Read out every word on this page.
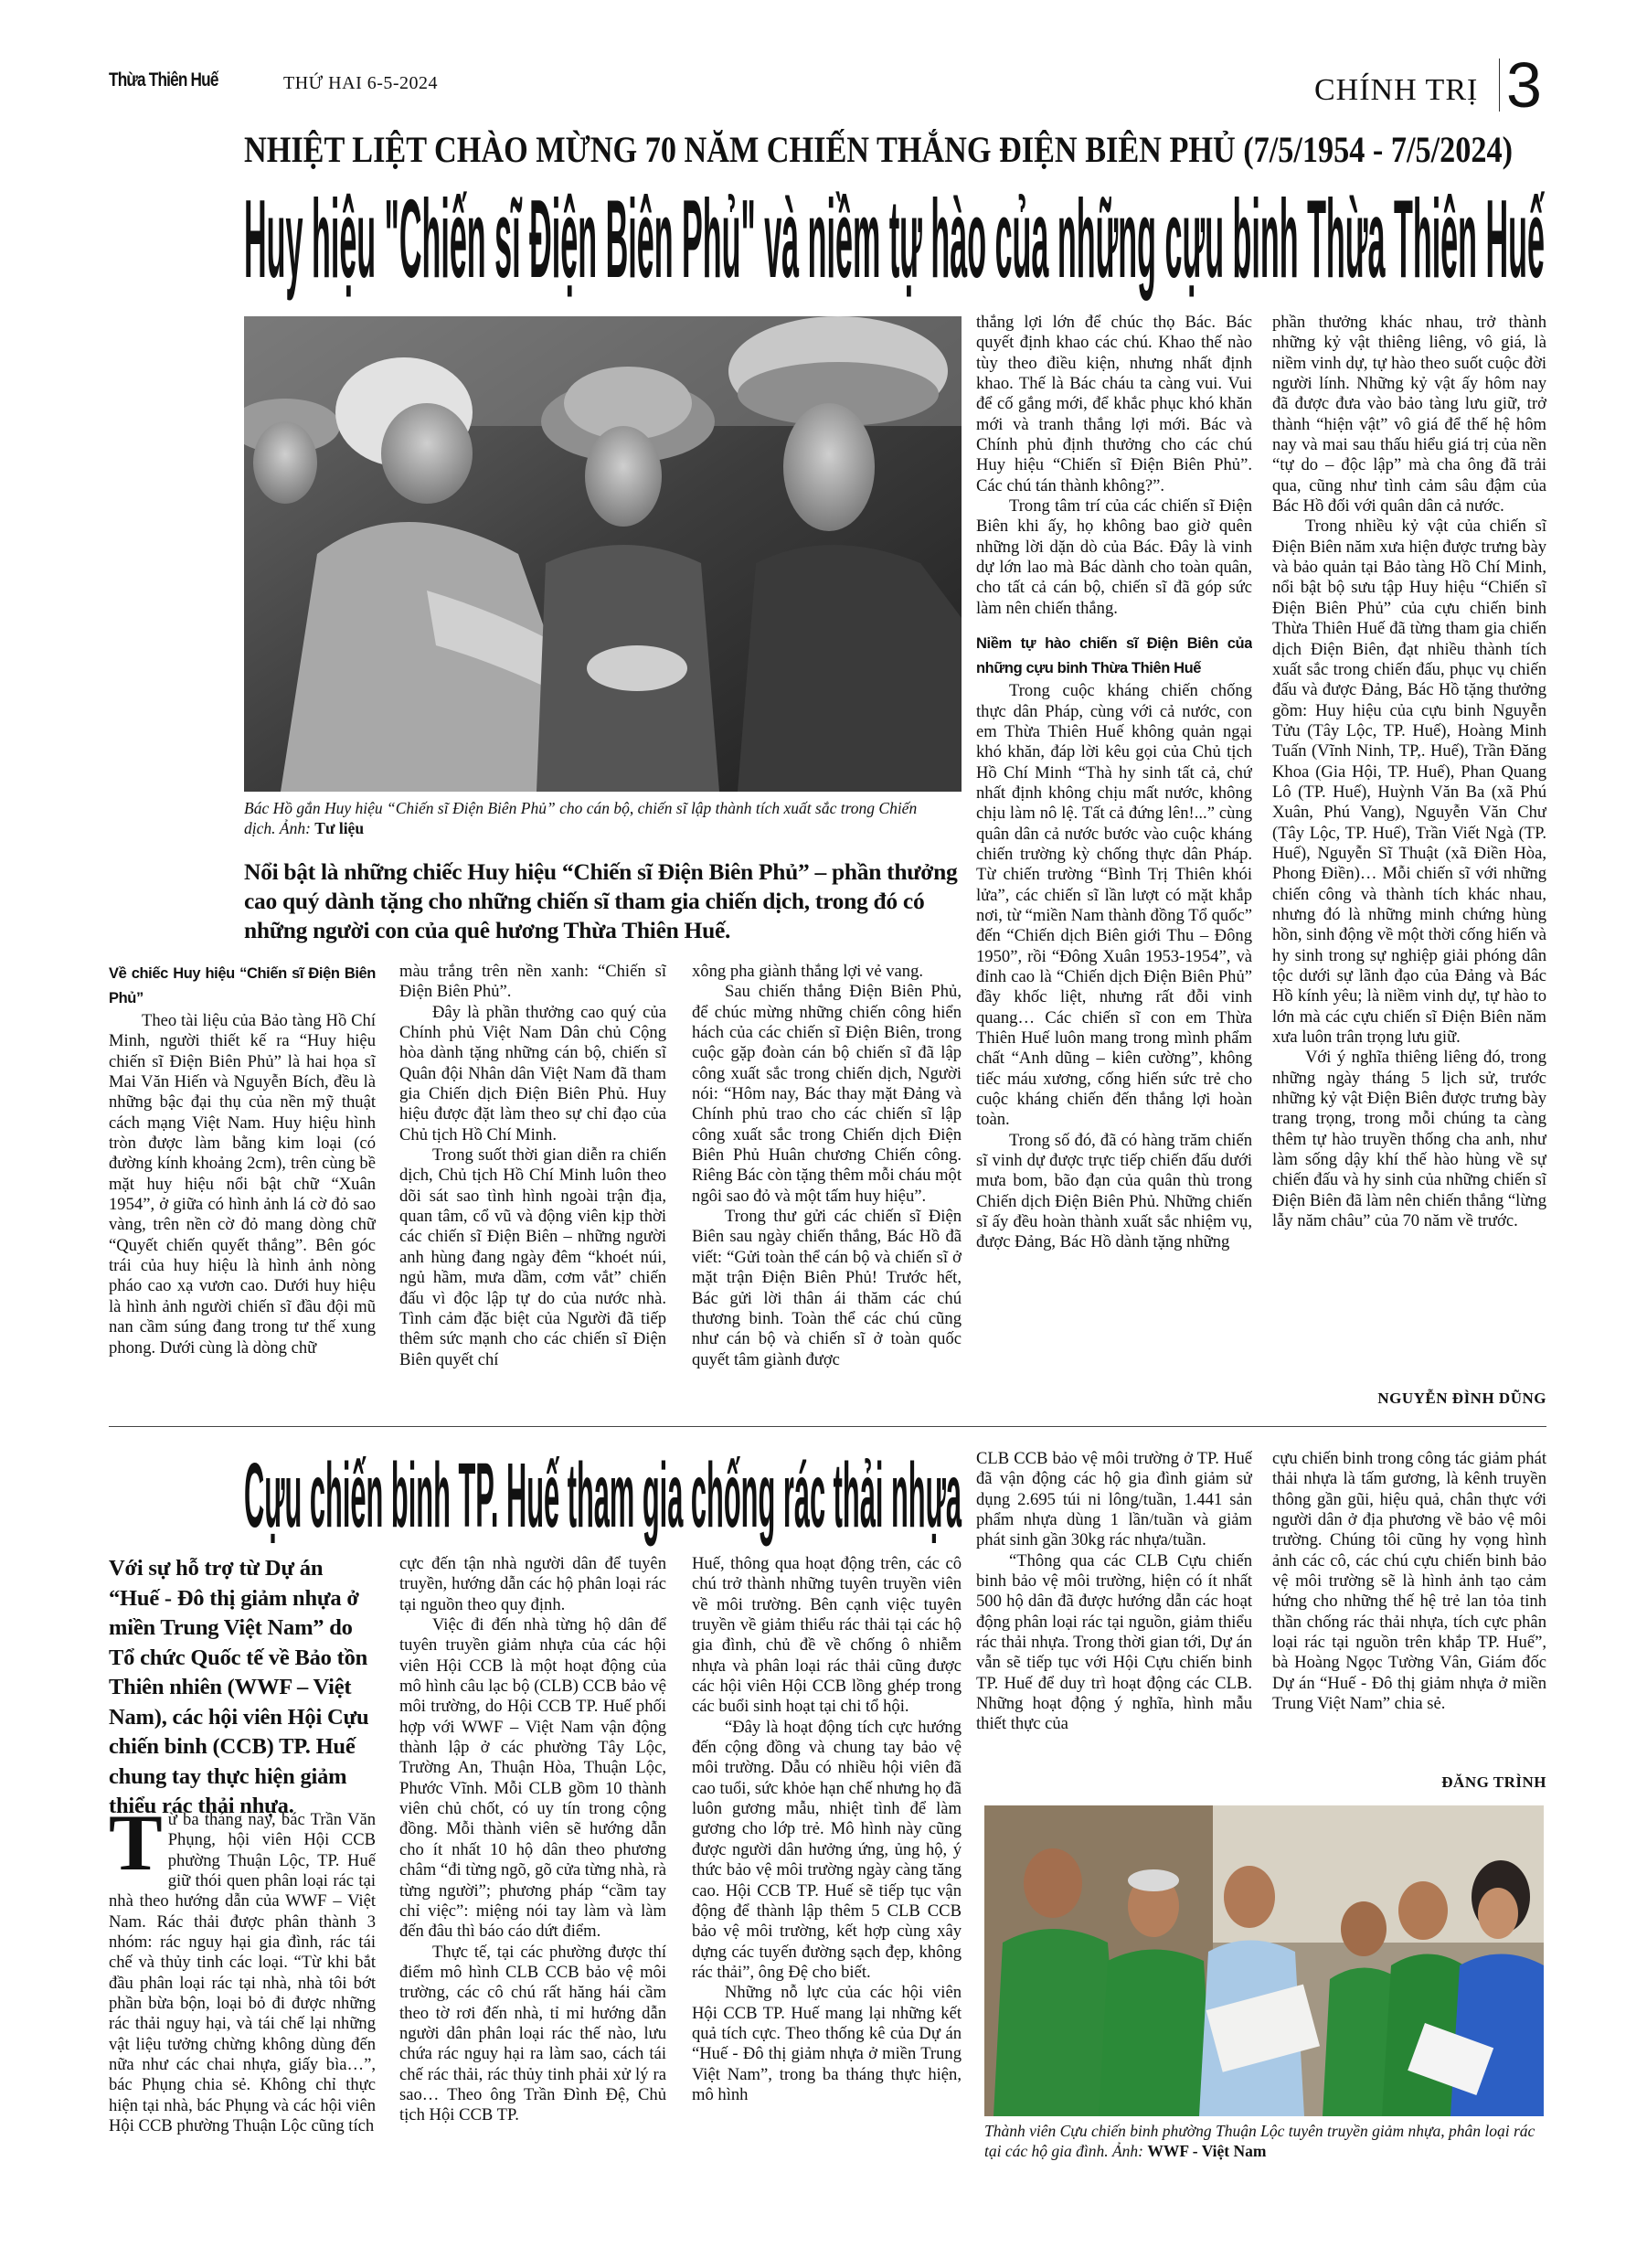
Thừa Thiên Huế	THỨ HAI 6-5-2024	CHÍNH TRỊ 3
NHIỆT LIỆT CHÀO MỪNG 70 NĂM CHIẾN THẮNG ĐIỆN BIÊN PHỦ (7/5/1954 - 7/5/2024)
Huy hiệu "Chiến sĩ Điện Biên Phủ" và niềm tự hào của những cựu binh Thừa Thiên Huế
Bác Hồ gắn Huy hiệu “Chiến sĩ Điện Biên Phủ” cho cán bộ, chiến sĩ lập thành tích xuất sắc trong Chiến dịch. Ảnh: Tư liệu
Nổi bật là những chiếc Huy hiệu “Chiến sĩ Điện Biên Phủ” – phần thưởng cao quý dành tặng cho những chiến sĩ tham gia chiến dịch, trong đó có những người con của quê hương Thừa Thiên Huế.
Về chiếc Huy hiệu “Chiến sĩ Điện Biên Phủ”

Theo tài liệu của Bảo tàng Hồ Chí Minh, người thiết kế ra “Huy hiệu chiến sĩ Điện Biên Phủ” là hai họa sĩ Mai Văn Hiến và Nguyễn Bích, đều là những bậc đại thụ của nền mỹ thuật cách mạng Việt Nam. Huy hiệu hình tròn được làm bằng kim loại (có đường kính khoảng 2cm), trên cùng bề mặt huy hiệu nổi bật chữ “Xuân 1954”, ở giữa có hình ảnh lá cờ đỏ sao vàng, trên nền cờ đỏ mang dòng chữ “Quyết chiến quyết thắng”. Bên góc trái của huy hiệu là hình ảnh nòng pháo cao xạ vươn cao. Dưới huy hiệu là hình ảnh người chiến sĩ đầu đội mũ nan cầm súng đang trong tư thế xung phong. Dưới cùng là dòng chữ

màu trắng trên nền xanh: “Chiến sĩ Điện Biên Phủ”.

Đây là phần thưởng cao quý của Chính phủ Việt Nam Dân chủ Cộng hòa dành tặng những cán bộ, chiến sĩ Quân đội Nhân dân Việt Nam đã tham gia Chiến dịch Điện Biên Phủ. Huy hiệu được đặt làm theo sự chỉ đạo của Chủ tịch Hồ Chí Minh.

Trong suốt thời gian diễn ra chiến dịch, Chủ tịch Hồ Chí Minh luôn theo dõi sát sao tình hình ngoài trận địa, quan tâm, cổ vũ và động viên kịp thời các chiến sĩ Điện Biên – những người anh hùng đang ngày đêm “khoét núi, ngủ hầm, mưa dầm, cơm vắt” chiến đấu vì độc lập tự do của nước nhà. Tình cảm đặc biệt của Người đã tiếp thêm sức mạnh cho các chiến sĩ Điện Biên quyết chí

xông pha giành thắng lợi vẻ vang.

Sau chiến thắng Điện Biên Phủ, để chúc mừng những chiến công hiển hách của các chiến sĩ Điện Biên, trong cuộc gặp đoàn cán bộ chiến sĩ đã lập công xuất sắc trong chiến dịch, Người nói: “Hôm nay, Bác thay mặt Đảng và Chính phủ trao cho các chiến sĩ lập công xuất sắc trong Chiến dịch Điện Biên Phủ Huân chương Chiến công. Riêng Bác còn tặng thêm mỗi cháu một ngôi sao đỏ và một tấm huy hiệu”.

Trong thư gửi các chiến sĩ Điện Biên sau ngày chiến thắng, Bác Hồ đã viết: “Gửi toàn thể cán bộ và chiến sĩ ở mặt trận Điện Biên Phủ! Trước hết, Bác gửi lời thân ái thăm các chú thương binh. Toàn thể các chú cũng như cán bộ và chiến sĩ ở toàn quốc quyết tâm giành được

thắng lợi lớn để chúc thọ Bác. Bác quyết định khao các chú. Khao thế nào tùy theo điều kiện, nhưng nhất định khao. Thế là Bác cháu ta càng vui. Vui để cố gắng mới, để khắc phục khó khăn mới và tranh thắng lợi mới. Bác và Chính phủ định thưởng cho các chú Huy hiệu “Chiến sĩ Điện Biên Phủ”. Các chú tán thành không?”.

Trong tâm trí của các chiến sĩ Điện Biên khi ấy, họ không bao giờ quên những lời dặn dò của Bác. Đây là vinh dự lớn lao mà Bác dành cho toàn quân, cho tất cả cán bộ, chiến sĩ đã góp sức làm nên chiến thắng.

Niềm tự hào chiến sĩ Điện Biên của những cựu binh Thừa Thiên Huế

Trong cuộc kháng chiến chống thực dân Pháp, cùng với cả nước, con em Thừa Thiên Huế không quản ngại khó khăn, đáp lời kêu gọi của Chủ tịch Hồ Chí Minh “Thà hy sinh tất cả, chứ nhất định không chịu mất nước, không chịu làm nô lệ. Tất cả đứng lên!...” cùng quân dân cả nước bước vào cuộc kháng chiến trường kỳ chống thực dân Pháp. Từ chiến trường “Bình Trị Thiên khói lửa”, các chiến sĩ lần lượt có mặt khắp nơi, từ “miền Nam thành đồng Tổ quốc” đến “Chiến dịch Biên giới Thu – Đông 1950”, rồi “Đông Xuân 1953-1954”, và đỉnh cao là “Chiến dịch Điện Biên Phủ” đầy khốc liệt, nhưng rất đỗi vinh quang… Các chiến sĩ con em Thừa Thiên Huế luôn mang trong mình phẩm chất “Anh dũng – kiên cường”, không tiếc máu xương, cống hiến sức trẻ cho cuộc kháng chiến đến thắng lợi hoàn toàn.

Trong số đó, đã có hàng trăm chiến sĩ vinh dự được trực tiếp chiến đấu dưới mưa bom, bão đạn của quân thù trong Chiến dịch Điện Biên Phủ. Những chiến sĩ ấy đều hoàn thành xuất sắc nhiệm vụ, được Đảng, Bác Hồ dành tặng những

phần thưởng khác nhau, trở thành những kỷ vật thiêng liêng, vô giá, là niềm vinh dự, tự hào theo suốt cuộc đời người lính. Những kỷ vật ấy hôm nay đã được đưa vào bảo tàng lưu giữ, trở thành “hiện vật” vô giá để thế hệ hôm nay và mai sau thấu hiểu giá trị của nền “tự do – độc lập” mà cha ông đã trải qua, cũng như tình cảm sâu đậm của Bác Hồ đối với quân dân cả nước.

Trong nhiều kỷ vật của chiến sĩ Điện Biên năm xưa hiện được trưng bày và bảo quản tại Bảo tàng Hồ Chí Minh, nổi bật bộ sưu tập Huy hiệu “Chiến sĩ Điện Biên Phủ” của cựu chiến binh Thừa Thiên Huế đã từng tham gia chiến dịch Điện Biên, đạt nhiều thành tích xuất sắc trong chiến đấu, phục vụ chiến đấu và được Đảng, Bác Hồ tặng thưởng gồm: Huy hiệu của cựu binh Nguyễn Tửu (Tây Lộc, TP. Huế), Hoàng Minh Tuấn (Vĩnh Ninh, TP,. Huế), Trần Đăng Khoa (Gia Hội, TP. Huế), Phan Quang Lô (TP. Huế), Huỳnh Văn Ba (xã Phú Xuân, Phú Vang), Nguyễn Văn Chư (Tây Lộc, TP. Huế), Trần Viết Ngà (TP. Huế), Nguyễn Sĩ Thuật (xã Điền Hòa, Phong Điền)… Mỗi chiến sĩ với những chiến công và thành tích khác nhau, nhưng đó là những minh chứng hùng hồn, sinh động về một thời cống hiến và hy sinh trong sự nghiệp giải phóng dân tộc dưới sự lãnh đạo của Đảng và Bác Hồ kính yêu; là niềm vinh dự, tự hào to lớn mà các cựu chiến sĩ Điện Biên năm xưa luôn trân trọng lưu giữ.

Với ý nghĩa thiêng liêng đó, trong những ngày tháng 5 lịch sử, trước những kỷ vật Điện Biên được trưng bày trang trọng, trong mỗi chúng ta càng thêm tự hào truyền thống cha anh, như làm sống dậy khí thế hào hùng về sự chiến đấu và hy sinh của những chiến sĩ Điện Biên đã làm nên chiến thắng “lừng lẫy năm châu” của 70 năm về trước.

NGUYỄN ĐÌNH DŨNG
Cựu chiến binh TP. Huế tham gia chống rác thải nhựa
Với sự hỗ trợ từ Dự án “Huế - Đô thị giảm nhựa ở miền Trung Việt Nam” do Tổ chức Quốc tế về Bảo tồn Thiên nhiên (WWF – Việt Nam), các hội viên Hội Cựu chiến binh (CCB) TP. Huế chung tay thực hiện giảm thiểu rác thải nhựa.
T ừ ba tháng nay, bác Trần Văn Phụng, hội viên Hội CCB phường Thuận Lộc, TP. Huế giữ thói quen phân loại rác tại nhà theo hướng dẫn của WWF – Việt Nam. Rác thải được phân thành 3 nhóm: rác nguy hại gia đình, rác tái chế và thủy tinh các loại. “Từ khi bắt đầu phân loại rác tại nhà, nhà tôi bớt phần bừa bộn, loại bỏ đi được những rác thải nguy hại, và tái chế lại những vật liệu tưởng chừng không dùng đến nữa như các chai nhựa, giấy bìa…”, bác Phụng chia sẻ. Không chỉ thực hiện tại nhà, bác Phụng và các hội viên Hội CCB phường Thuận Lộc cũng tích

cực đến tận nhà người dân để tuyên truyền, hướng dẫn các hộ phân loại rác tại nguồn theo quy định.

Việc đi đến nhà từng hộ dân để tuyên truyền giảm nhựa của các hội viên Hội CCB là một hoạt động của mô hình câu lạc bộ (CLB) CCB bảo vệ môi trường, do Hội CCB TP. Huế phối hợp với WWF – Việt Nam vận động thành lập ở các phường Tây Lộc, Trường An, Thuận Hòa, Thuận Lộc, Phước Vĩnh. Mỗi CLB gồm 10 thành viên chủ chốt, có uy tín trong cộng đồng. Mỗi thành viên sẽ hướng dẫn cho ít nhất 10 hộ dân theo phương châm “đi từng ngõ, gõ cửa từng nhà, rà từng người”; phương pháp “cầm tay chỉ việc”: miệng nói tay làm và làm đến đâu thì báo cáo dứt điểm.

Thực tế, tại các phường được thí điểm mô hình CLB CCB bảo vệ môi trường, các cô chú rất hăng hái cầm theo tờ rơi đến nhà, tỉ mỉ hướng dẫn người dân phân loại rác thế nào, lưu chứa rác nguy hại ra làm sao, cách tái chế rác thải, rác thủy tinh phải xử lý ra sao… Theo ông Trần Đình Đệ, Chủ tịch Hội CCB TP.

Huế, thông qua hoạt động trên, các cô chú trở thành những tuyên truyền viên về môi trường. Bên cạnh việc tuyên truyền về giảm thiểu rác thải tại các hộ gia đình, chủ đề về chống ô nhiễm nhựa và phân loại rác thải cũng được các hội viên Hội CCB lồng ghép trong các buổi sinh hoạt tại chi tổ hội.

“Đây là hoạt động tích cực hướng đến cộng đồng và chung tay bảo vệ môi trường. Dẫu có nhiều hội viên đã cao tuổi, sức khỏe hạn chế nhưng họ đã luôn gương mẫu, nhiệt tình để làm gương cho lớp trẻ. Mô hình này cũng được người dân hưởng ứng, ủng hộ, ý thức bảo vệ môi trường ngày càng tăng cao. Hội CCB TP. Huế sẽ tiếp tục vận động để thành lập thêm 5 CLB CCB bảo vệ môi trường, kết hợp cùng xây dựng các tuyến đường sạch đẹp, không rác thải”, ông Đệ cho biết.

Những nỗ lực của các hội viên Hội CCB TP. Huế mang lại những kết quả tích cực. Theo thống kê của Dự án “Huế - Đô thị giảm nhựa ở miền Trung Việt Nam”, trong ba tháng thực hiện, mô hình

CLB CCB bảo vệ môi trường ở TP. Huế đã vận động các hộ gia đình giảm sử dụng 2.695 túi ni lông/tuần, 1.441 sản phẩm nhựa dùng 1 lần/tuần và giảm phát sinh gần 30kg rác nhựa/tuần.

“Thông qua các CLB Cựu chiến binh bảo vệ môi trường, hiện có ít nhất 500 hộ dân đã được hướng dẫn các hoạt động phân loại rác tại nguồn, giảm thiểu rác thải nhựa. Trong thời gian tới, Dự án vẫn sẽ tiếp tục với Hội Cựu chiến binh TP. Huế để duy trì hoạt động các CLB. Những hoạt động ý nghĩa, hình mẫu thiết thực của

cựu chiến binh trong công tác giảm phát thải nhựa là tấm gương, là kênh truyền thông gần gũi, hiệu quả, chân thực với người dân ở địa phương về bảo vệ môi trường. Chúng tôi cũng hy vọng hình ảnh các cô, các chú cựu chiến binh bảo vệ môi trường sẽ là hình ảnh tạo cảm hứng cho những thế hệ trẻ lan tỏa tinh thần chống rác thải nhựa, tích cực phân loại rác tại nguồn trên khắp TP. Huế”, bà Hoàng Ngọc Tường Vân, Giám đốc Dự án “Huế - Đô thị giảm nhựa ở miền Trung Việt Nam” chia sẻ.

ĐĂNG TRÌNH
Thành viên Cựu chiến binh phường Thuận Lộc tuyên truyền giảm nhựa, phân loại rác tại các hộ gia đình. Ảnh: WWF - Việt Nam
